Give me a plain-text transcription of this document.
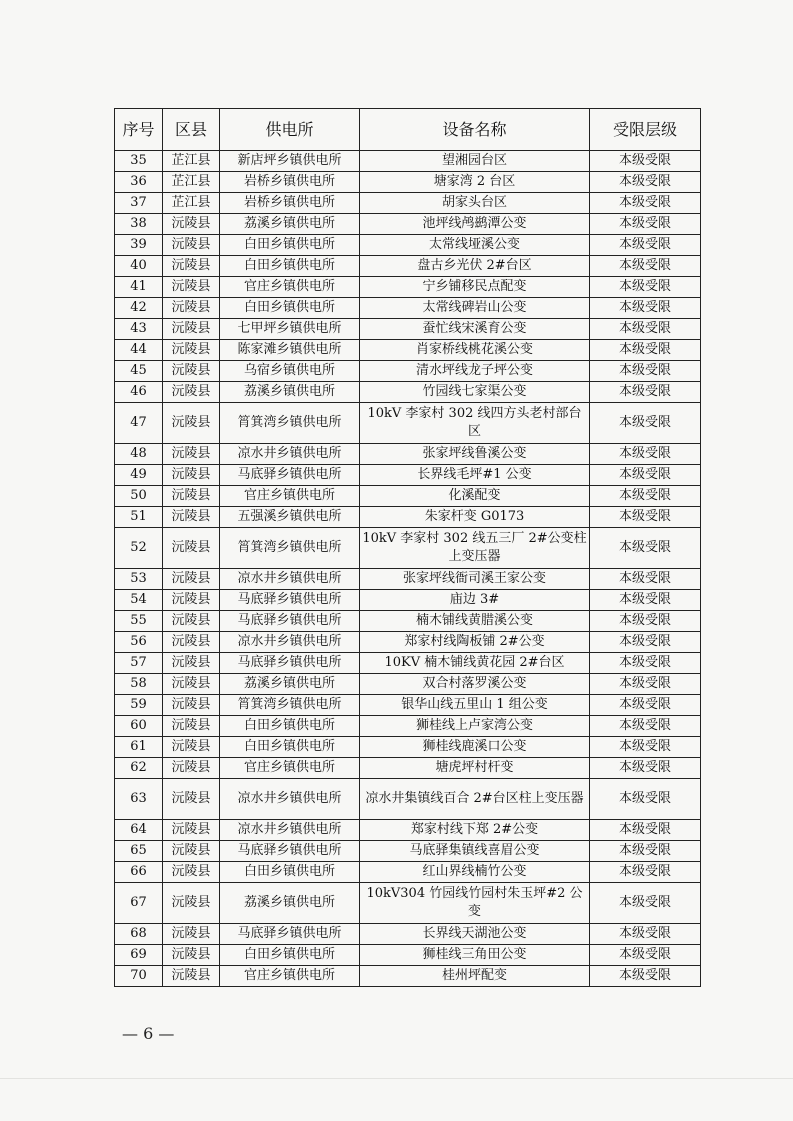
序号	区县	供电所	设备名称	受限层级
35	芷江县	新店坪乡镇供电所	望湘园台区	本级受限
36	芷江县	岩桥乡镇供电所	塘家湾 2 台区	本级受限
37	芷江县	岩桥乡镇供电所	胡家头台区	本级受限
38	沅陵县	荔溪乡镇供电所	池坪线鸬鹚潭公变	本级受限
39	沅陵县	白田乡镇供电所	太常线垭溪公变	本级受限
40	沅陵县	白田乡镇供电所	盘古乡光伏 2#台区	本级受限
41	沅陵县	官庄乡镇供电所	宁乡铺移民点配变	本级受限
42	沅陵县	白田乡镇供电所	太常线碑岩山公变	本级受限
43	沅陵县	七甲坪乡镇供电所	蚕忙线宋溪育公变	本级受限
44	沅陵县	陈家滩乡镇供电所	肖家桥线桃花溪公变	本级受限
45	沅陵县	乌宿乡镇供电所	清水坪线龙子坪公变	本级受限
46	沅陵县	荔溪乡镇供电所	竹园线七家渠公变	本级受限
47	沅陵县	筲箕湾乡镇供电所	10kV 李家村 302 线四方头老村部台区	本级受限
48	沅陵县	凉水井乡镇供电所	张家坪线鲁溪公变	本级受限
49	沅陵县	马底驿乡镇供电所	长界线毛坪#1 公变	本级受限
50	沅陵县	官庄乡镇供电所	化溪配变	本级受限
51	沅陵县	五强溪乡镇供电所	朱家杆变 G0173	本级受限
52	沅陵县	筲箕湾乡镇供电所	10kV 李家村 302 线五三厂 2#公变柱上变压器	本级受限
53	沅陵县	凉水井乡镇供电所	张家坪线衙司溪王家公变	本级受限
54	沅陵县	马底驿乡镇供电所	庙边 3#	本级受限
55	沅陵县	马底驿乡镇供电所	楠木铺线黄腊溪公变	本级受限
56	沅陵县	凉水井乡镇供电所	郑家村线陶板铺 2#公变	本级受限
57	沅陵县	马底驿乡镇供电所	10KV 楠木铺线黄花园 2#台区	本级受限
58	沅陵县	荔溪乡镇供电所	双合村落罗溪公变	本级受限
59	沅陵县	筲箕湾乡镇供电所	银华山线五里山 1 组公变	本级受限
60	沅陵县	白田乡镇供电所	狮桂线上卢家湾公变	本级受限
61	沅陵县	白田乡镇供电所	狮桂线鹿溪口公变	本级受限
62	沅陵县	官庄乡镇供电所	塘虎坪村杆变	本级受限
63	沅陵县	凉水井乡镇供电所	凉水井集镇线百合 2#台区柱上变压器	本级受限
64	沅陵县	凉水井乡镇供电所	郑家村线下郑 2#公变	本级受限
65	沅陵县	马底驿乡镇供电所	马底驿集镇线喜眉公变	本级受限
66	沅陵县	白田乡镇供电所	红山界线楠竹公变	本级受限
67	沅陵县	荔溪乡镇供电所	10kV304 竹园线竹园村朱玉坪#2 公变	本级受限
68	沅陵县	马底驿乡镇供电所	长界线天湖池公变	本级受限
69	沅陵县	白田乡镇供电所	狮桂线三角田公变	本级受限
70	沅陵县	官庄乡镇供电所	桂州坪配变	本级受限
— 6 —
